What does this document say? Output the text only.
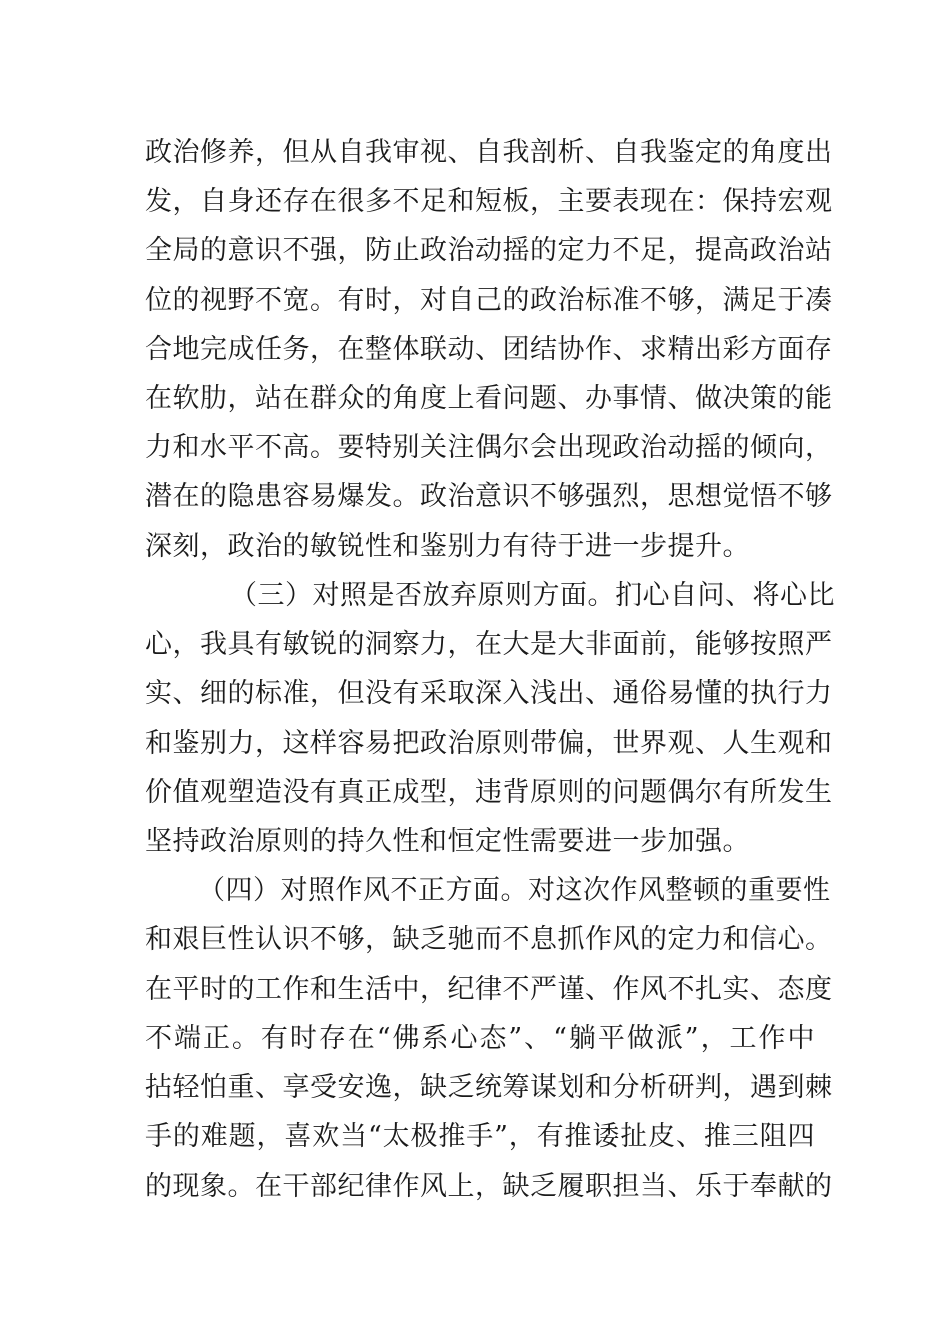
政治修养，但从自我审视、自我剖析、自我鉴定的角度出
发，自身还存在很多不足和短板，主要表现在：保持宏观
全局的意识不强，防止政治动摇的定力不足，提高政治站
位的视野不宽。有时，对自己的政治标准不够，满足于凑
合地完成任务，在整体联动、团结协作、求精出彩方面存
在软肋，站在群众的角度上看问题、办事情、做决策的能
力和水平不高。要特别关注偶尔会出现政治动摇的倾向，
潜在的隐患容易爆发。政治意识不够强烈，思想觉悟不够
深刻，政治的敏锐性和鉴别力有待于进一步提升。
（三）对照是否放弃原则方面。扪心自问、将心比
心，我具有敏锐的洞察力，在大是大非面前，能够按照严
实、细的标准，但没有采取深入浅出、通俗易懂的执行力
和鉴别力，这样容易把政治原则带偏，世界观、人生观和
价值观塑造没有真正成型，违背原则的问题偶尔有所发生
坚持政治原则的持久性和恒定性需要进一步加强。
（四）对照作风不正方面。对这次作风整顿的重要性
和艰巨性认识不够，缺乏驰而不息抓作风的定力和信心。
在平时的工作和生活中，纪律不严谨、作风不扎实、态度
不端正。有时存在“佛系心态”、“躺平做派”，工作中
拈轻怕重、享受安逸，缺乏统筹谋划和分析研判，遇到棘
手的难题，喜欢当“太极推手”，有推诿扯皮、推三阻四
的现象。在干部纪律作风上，缺乏履职担当、乐于奉献的
